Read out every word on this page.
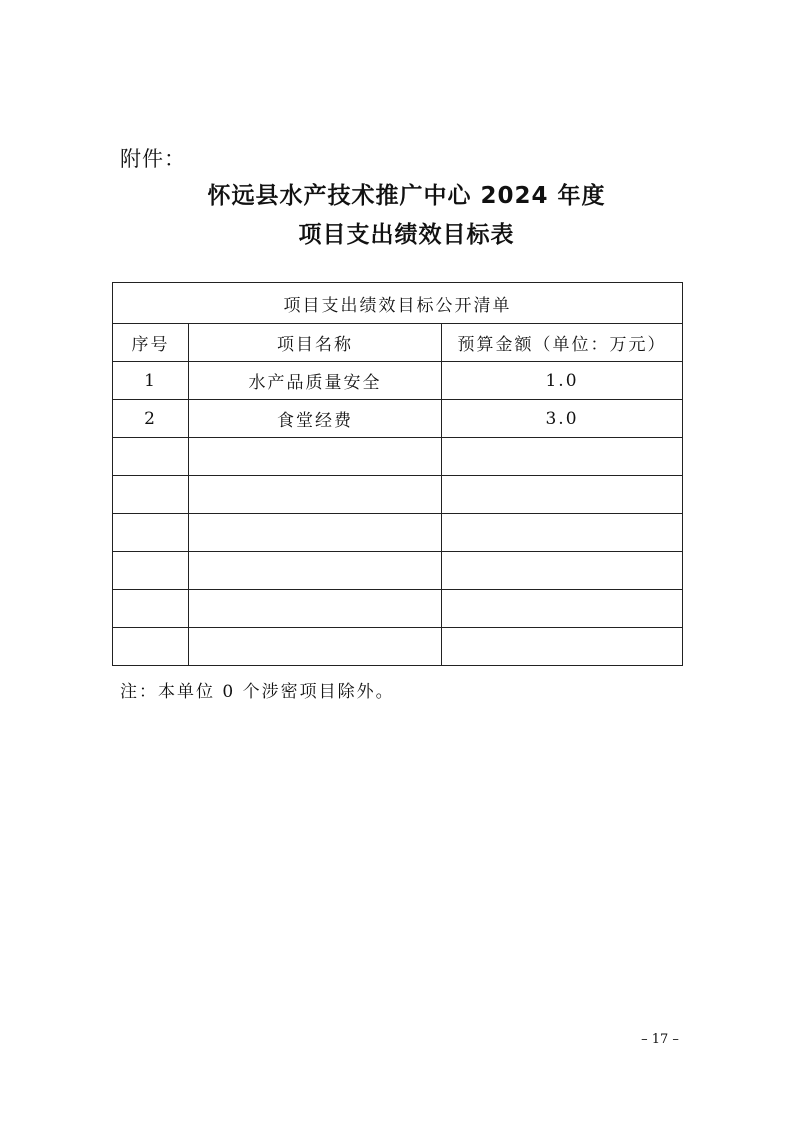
附件：
怀远县水产技术推广中心 2024 年度
项目支出绩效目标表
项目支出绩效目标公开清单		
序号	项目名称	预算金额（单位：万元）
1	水产品质量安全	1.0
2	食堂经费	3.0

注：本单位 0 个涉密项目除外。
– 17 –
